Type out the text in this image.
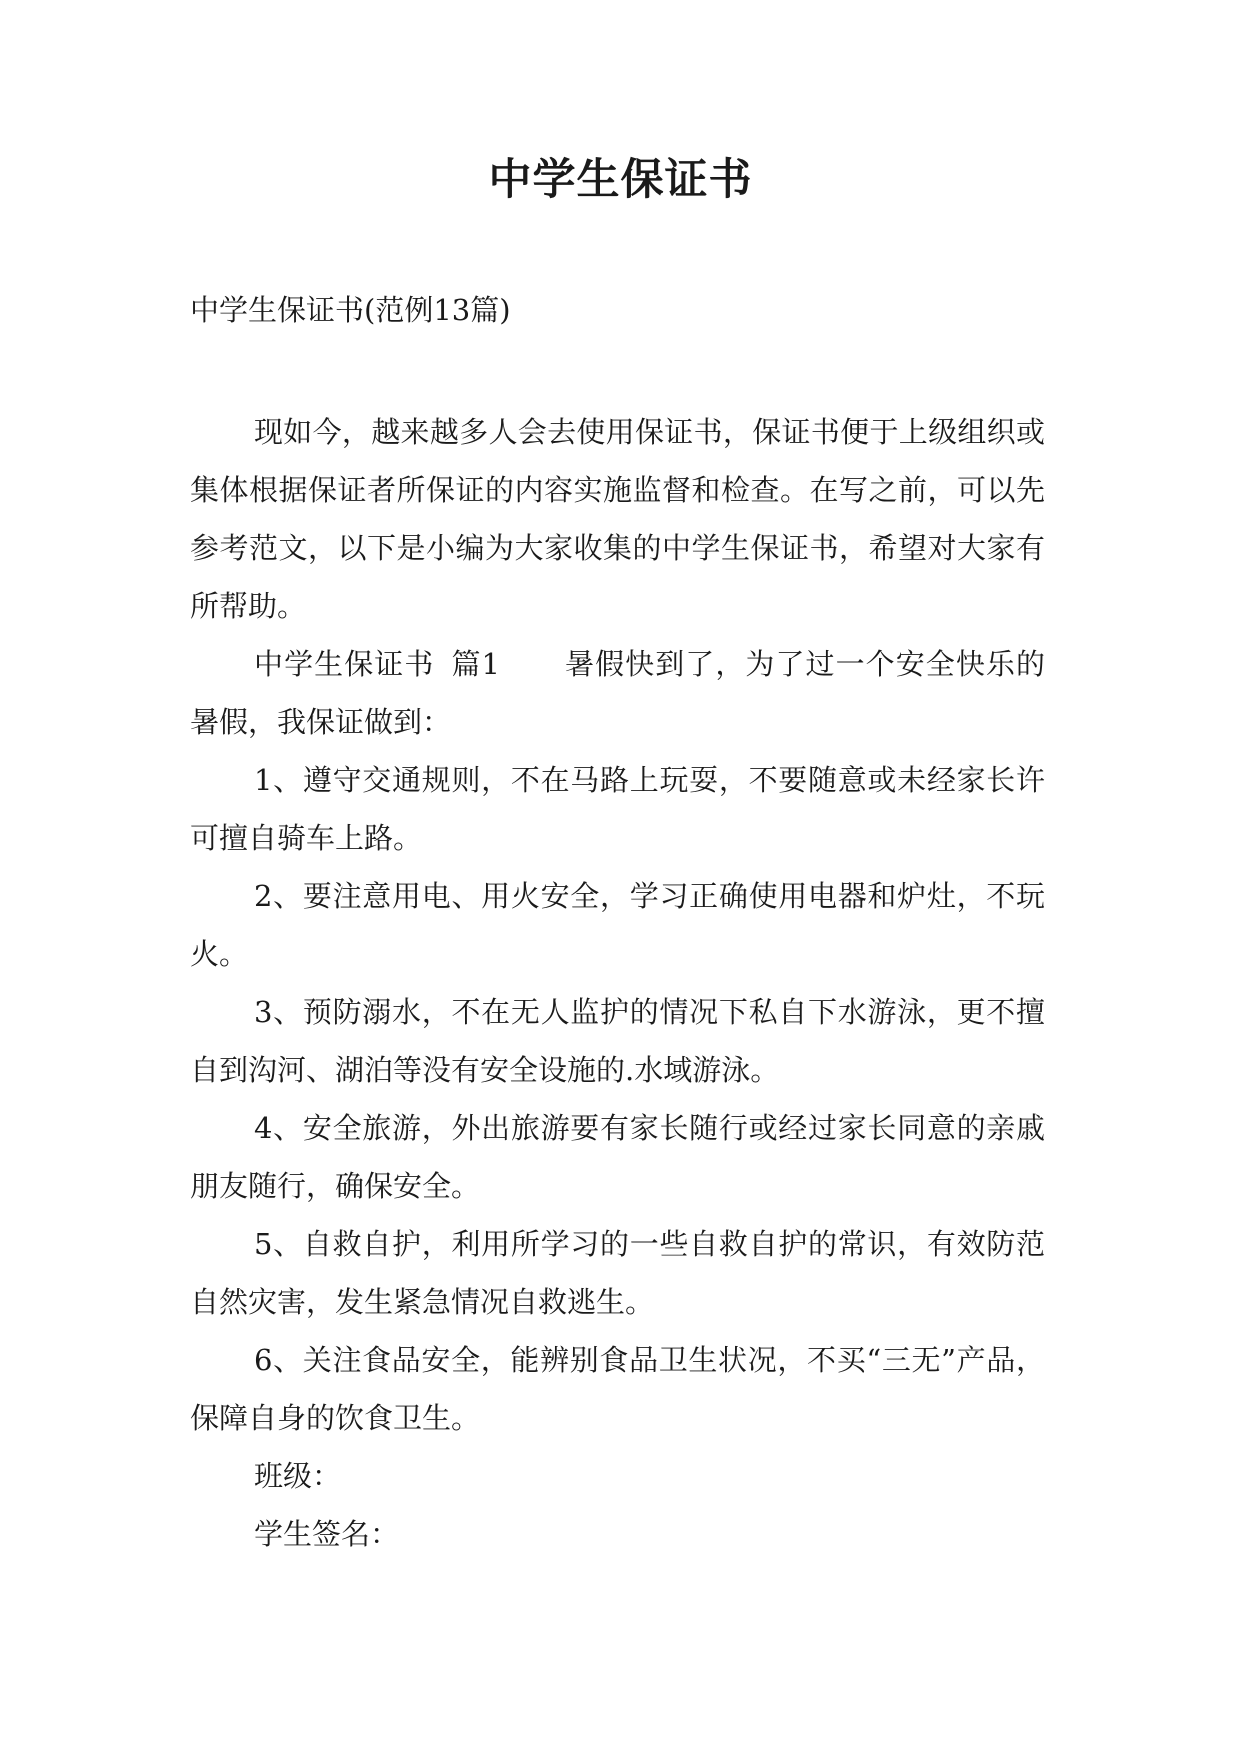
中学生保证书
中学生保证书(范例13篇)

现如今，越来越多人会去使用保证书，保证书便于上级组织或集体根据保证者所保证的内容实施监督和检查。在写之前，可以先参考范文，以下是小编为大家收集的中学生保证书，希望对大家有所帮助。

中学生保证书 篇1 暑假快到了，为了过一个安全快乐的暑假，我保证做到：

1、遵守交通规则，不在马路上玩耍，不要随意或未经家长许可擅自骑车上路。

2、要注意用电、用火安全，学习正确使用电器和炉灶，不玩火。

3、预防溺水，不在无人监护的情况下私自下水游泳，更不擅自到沟河、湖泊等没有安全设施的.水域游泳。

4、安全旅游，外出旅游要有家长随行或经过家长同意的亲戚朋友随行，确保安全。

5、自救自护，利用所学习的一些自救自护的常识，有效防范自然灾害，发生紧急情况自救逃生。

6、关注食品安全，能辨别食品卫生状况，不买“三无”产品，保障自身的饮食卫生。

班级：

学生签名：
